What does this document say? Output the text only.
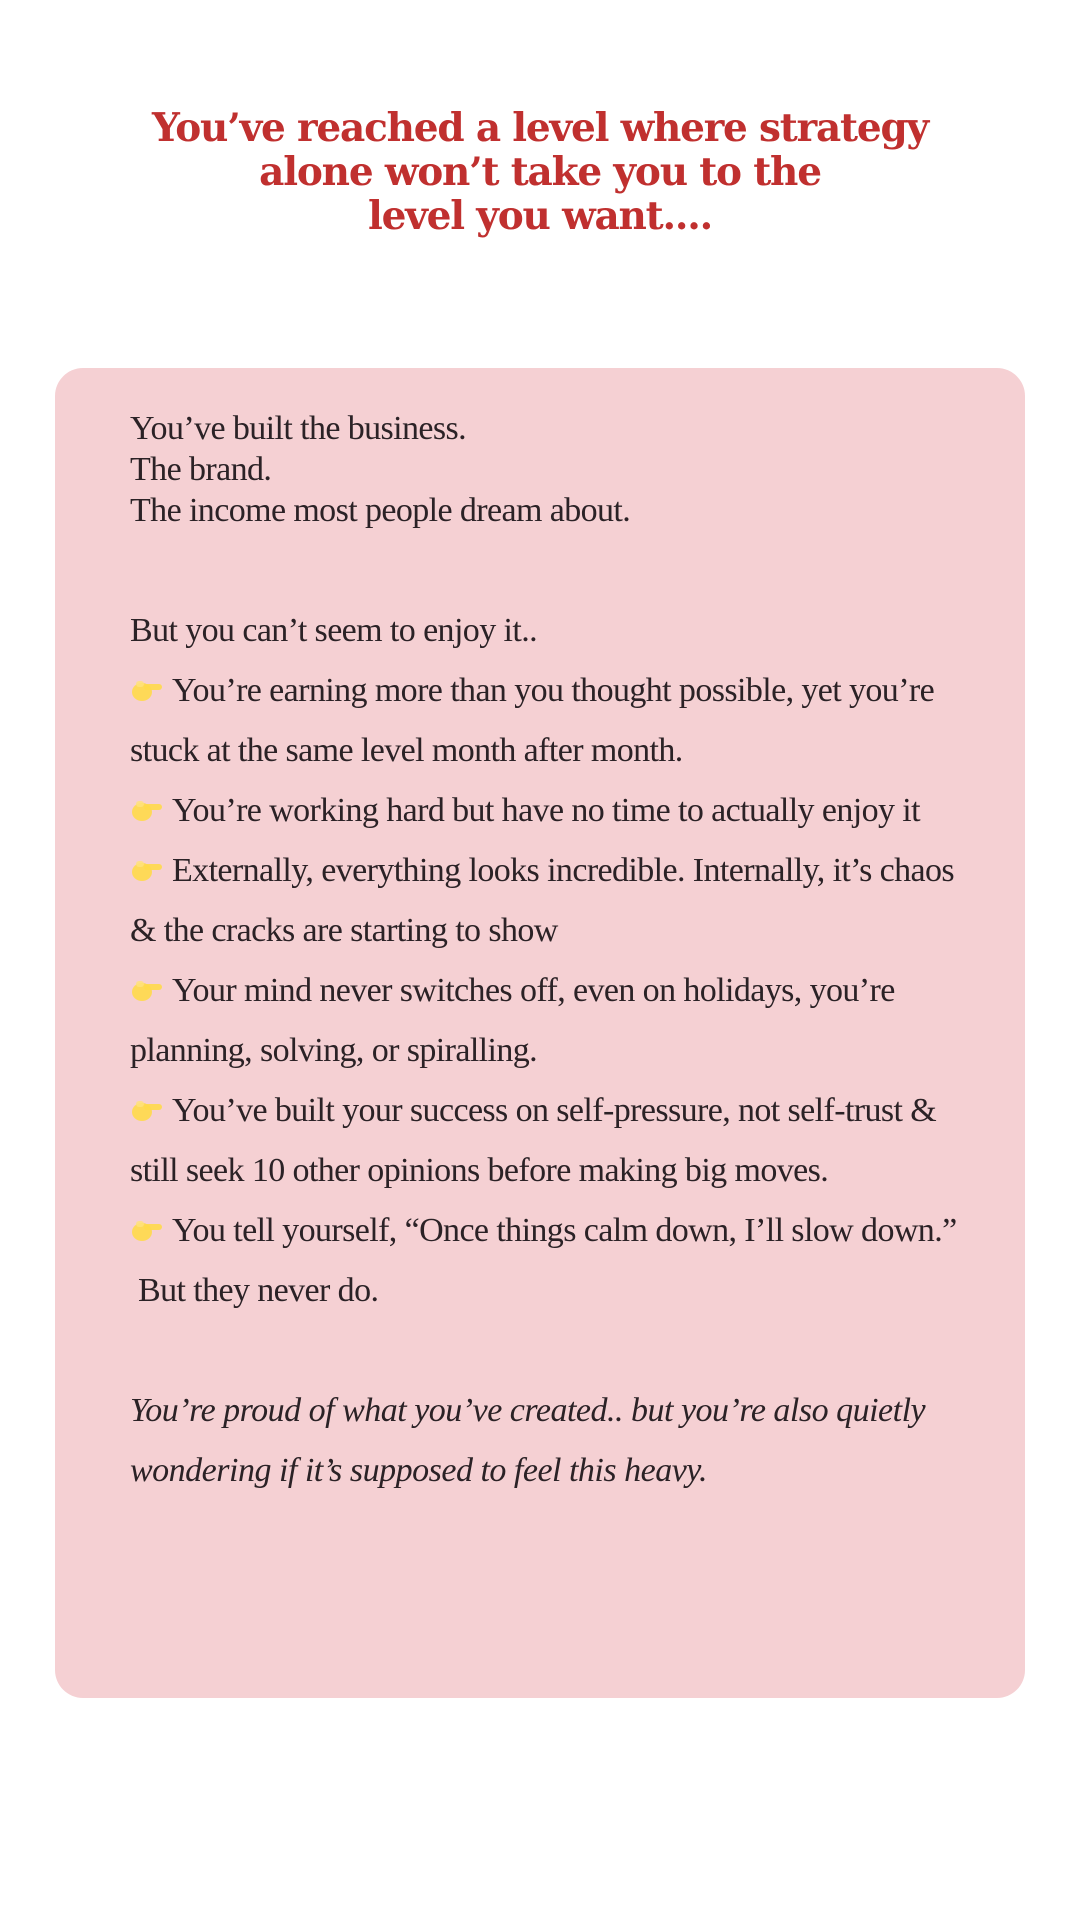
You’ve reached a level where strategy
alone won’t take you to the
level you want....
You’ve built the business.
The brand.
The income most people dream about.
But you can’t seem to enjoy it..
You’re earning more than you thought possible, yet you’re stuck at the same level month after month.
You’re working hard but have no time to actually enjoy it
Externally, everything looks incredible. Internally, it’s chaos & the cracks are starting to show
Your mind never switches off, even on holidays, you’re planning, solving, or spiralling.
You’ve built your success on self-pressure, not self-trust & still seek 10 other opinions before making big moves.
You tell yourself, “Once things calm down, I’ll slow down.”
But they never do.
You’re proud of what you’ve created.. but you’re also quietly wondering if it’s supposed to feel this heavy.
